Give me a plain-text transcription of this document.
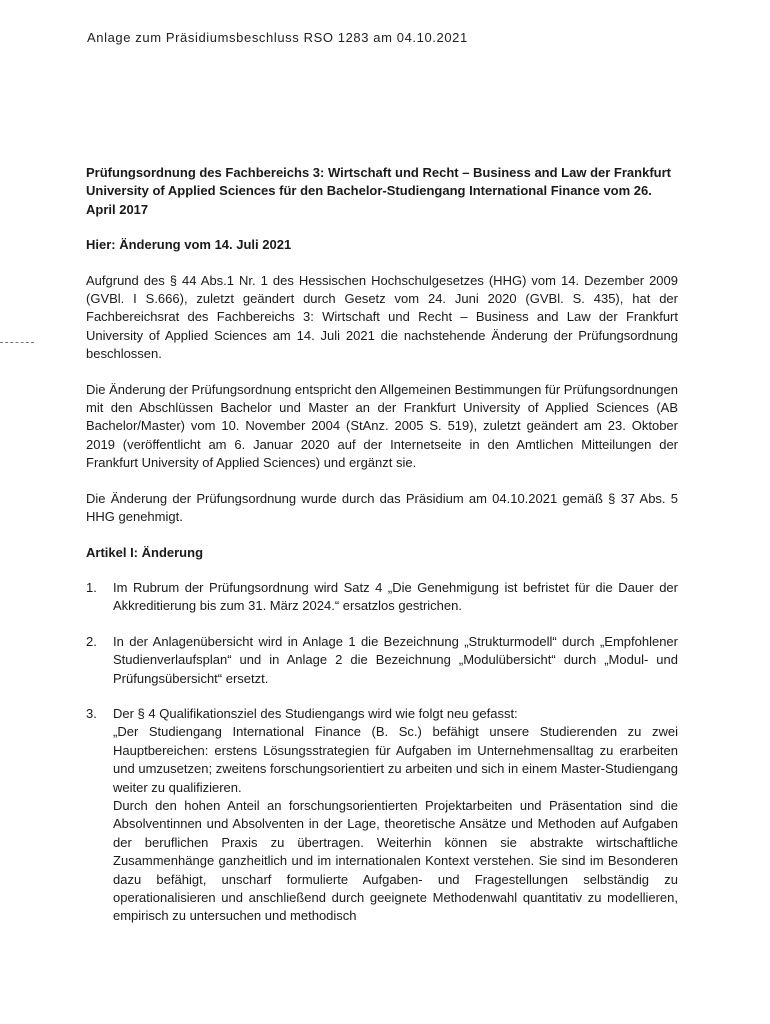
Anlage zum Präsidiumsbeschluss RSO 1283 am 04.10.2021

Prüfungsordnung des Fachbereichs 3: Wirtschaft und Recht – Business and Law der Frankfurt University of Applied Sciences für den Bachelor-Studiengang International Finance vom 26. April 2017

Hier: Änderung vom 14. Juli 2021

Aufgrund des § 44 Abs.1 Nr. 1 des Hessischen Hochschulgesetzes (HHG) vom 14. Dezember 2009 (GVBl. I S.666), zuletzt geändert durch Gesetz vom 24. Juni 2020 (GVBl. S. 435), hat der Fachbereichsrat des Fachbereichs 3: Wirtschaft und Recht – Business and Law der Frankfurt University of Applied Sciences am 14. Juli 2021 die nachstehende Änderung der Prüfungsordnung beschlossen.

Die Änderung der Prüfungsordnung entspricht den Allgemeinen Bestimmungen für Prüfungsordnungen mit den Abschlüssen Bachelor und Master an der Frankfurt University of Applied Sciences (AB Bachelor/Master) vom 10. November 2004 (StAnz. 2005 S. 519), zuletzt geändert am 23. Oktober 2019 (veröffentlicht am 6. Januar 2020 auf der Internetseite in den Amtlichen Mitteilungen der Frankfurt University of Applied Sciences) und ergänzt sie.

Die Änderung der Prüfungsordnung wurde durch das Präsidium am 04.10.2021 gemäß § 37 Abs. 5 HHG genehmigt.

Artikel I: Änderung

1.	Im Rubrum der Prüfungsordnung wird Satz 4 „Die Genehmigung ist befristet für die Dauer der Akkreditierung bis zum 31. März 2024.“ ersatzlos gestrichen.
2.	In der Anlagenübersicht wird in Anlage 1 die Bezeichnung „Strukturmodell“ durch „Empfohlener Studienverlaufsplan“ und in Anlage 2 die Bezeichnung „Modulübersicht“ durch „Modul- und Prüfungsübersicht“ ersetzt.
3.	Der § 4 Qualifikationsziel des Studiengangs wird wie folgt neu gefasst:

„Der Studiengang International Finance (B. Sc.) befähigt unsere Studierenden zu zwei Hauptbereichen: erstens Lösungsstrategien für Aufgaben im Unternehmensalltag zu erarbeiten und umzusetzen; zweitens forschungsorientiert zu arbeiten und sich in einem Master-Studiengang weiter zu qualifizieren.

Durch den hohen Anteil an forschungsorientierten Projektarbeiten und Präsentation sind die Absolventinnen und Absolventen in der Lage, theoretische Ansätze und Methoden auf Aufgaben der beruflichen Praxis zu übertragen. Weiterhin können sie abstrakte wirtschaftliche Zusammenhänge ganzheitlich und im internationalen Kontext verstehen. Sie sind im Besonderen dazu befähigt, unscharf formulierte Aufgaben- und Fragestellungen selbständig zu operationalisieren und anschließend durch geeignete Methodenwahl quantitativ zu modellieren, empirisch zu untersuchen und methodisch
